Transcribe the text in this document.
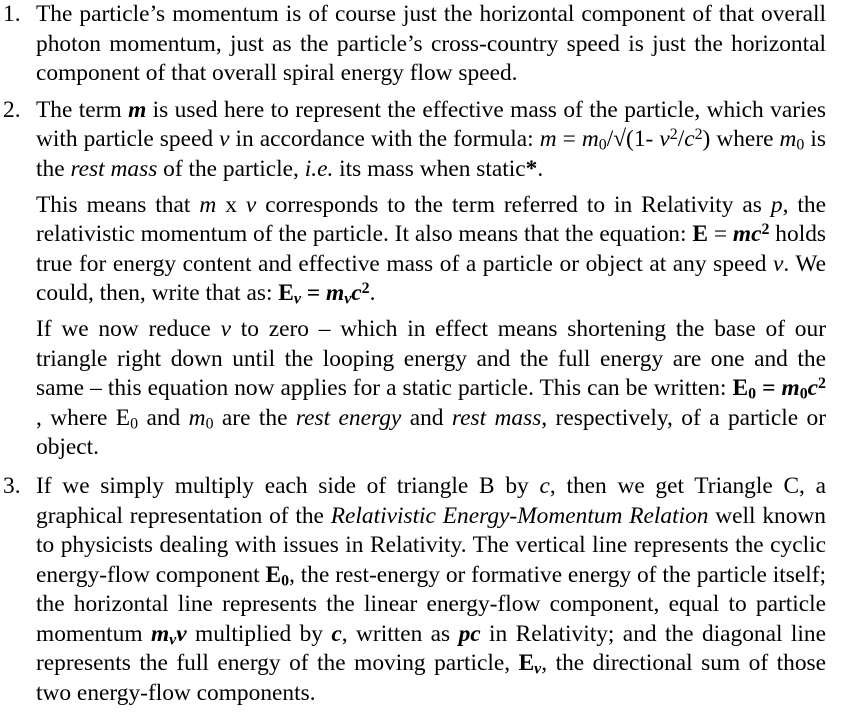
1. The particle’s momentum is of course just the horizontal component of that overall photon momentum, just as the particle’s cross-country speed is just the horizontal component of that overall spiral energy flow speed.

2. The term m is used here to represent the effective mass of the particle, which varies with particle speed v in accordance with the formula: $m = m_0/√(1-$ $v^2/c^2$) where $m_0$ is the rest mass of the particle, i.e. its mass when static*.

This means that m x v corresponds to the term referred to in Relativity as p, the relativistic momentum of the particle. It also means that the equation: $E = mc^2$ holds true for energy content and effective mass of a particle or object at any speed v. We could, then, write that as: $E_v = m_vc^2$.

If we now reduce v to zero – which in effect means shortening the base of our triangle right down until the looping energy and the full energy are one and the same – this equation now applies for a static particle. This can be written: $E_0 = m_0c^2$ , where $E_0$ and $m_0$ are the rest energy and rest mass, respectively, of a particle or object.

3. If we simply multiply each side of triangle B by c, then we get Triangle C, a graphical representation of the Relativistic Energy-Momentum Relation well known to physicists dealing with issues in Relativity. The vertical line represents the cyclic energy-flow component $E_0$, the rest-energy or formative energy of the particle itself; the horizontal line represents the linear energy-flow component, equal to particle momentum $m_vv$ multiplied by c, written as pc in Relativity; and the diagonal line represents the full energy of the moving particle, $E_v$, the directional sum of those two energy-flow components.
